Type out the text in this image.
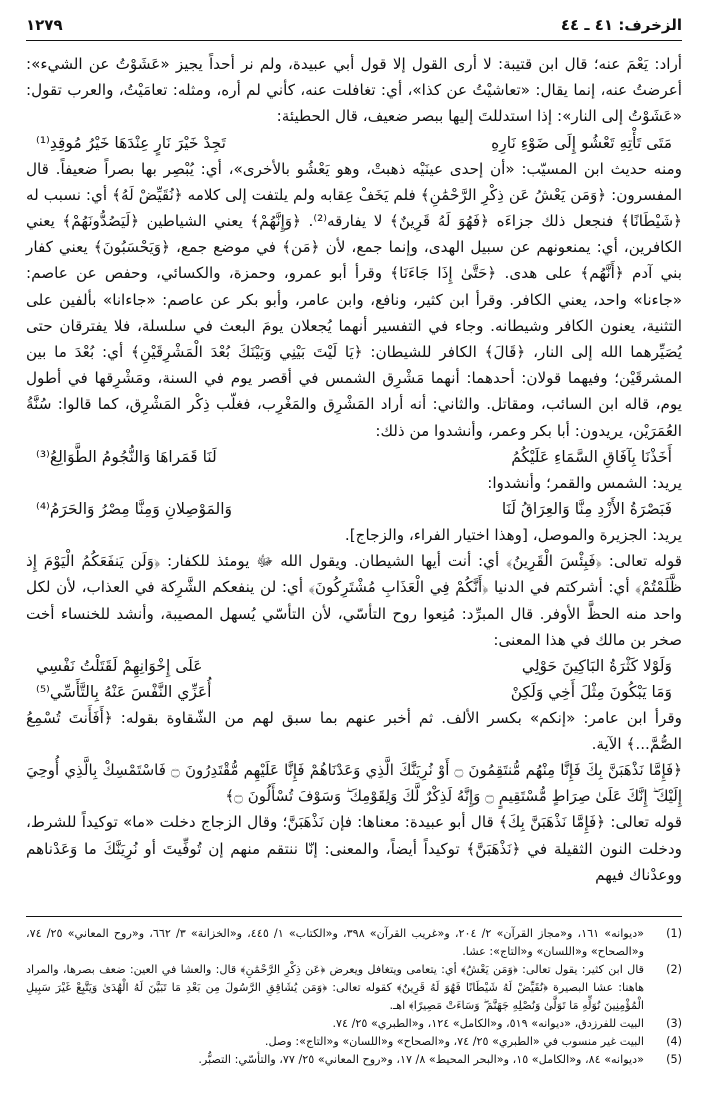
الزخرف: ٤١ ـ ٤٤
١٢٧٩

أراد: يَعْمَ عنه؛ قال ابن قتيبة: لا أرى القول إلا قول أبي عبيدة، ولم نر أحداً يجيز «عَشَوْتُ عن الشيء»: أعرضتُ عنه، إنما يقال: «تعاشيْتُ عن كذا»، أي: تغافلت عنه، كأني لم أره، ومثله: تعامَيْتُ، والعرب تقول: «عَشَوْتُ إلى النار»: إذا استدللتَ إليها ببصر ضعيف، قال الحطيئة:

مَتَى تَأْتِهِ تَعْشُو إِلَى ضَوْءِ نَارِهِ
تَجِدْ خَيْرَ نَارٍ عِنْدَهَا خَيْرُ مُوقِدِ⁽¹⁾

ومنه حديث ابن المسيّب: «أن إحدى عينَيْه ذهبتْ، وهو يَعْشُو بالأخرى»، أي: يُبْصِر بها بصراً ضعيفاً. قال المفسرون: ﴿وَمَن يَعْشُ عَن ذِكْرِ الرَّحْمَٰنِ﴾ فلم يَخَفْ عِقابه ولم يلتفت إلى كلامه ﴿نُقَيِّضْ لَهُ﴾ أي: نسبب له ﴿شَيْطَانًا﴾ فنجعل ذلك جزاءَه ﴿فَهُوَ لَهُ قَرِينٌ﴾ لا يفارقه⁽²⁾. ﴿وَإِنَّهُمْ﴾ يعني الشياطين ﴿لَيَصُدُّونَهُمْ﴾ يعني الكافرين، أي: يمنعونهم عن سبيل الهدى، وإنما جمع، لأن ﴿مَن﴾ في موضع جمع، ﴿وَيَحْسَبُونَ﴾ يعني كفار بني آدم ﴿أَنَّهُم﴾ على هدى. ﴿حَتَّىٰ إِذَا جَاءَنَا﴾ وقرأ أبو عمرو، وحمزة، والكسائي، وحفص عن عاصم: «جاءنا» واحد، يعني الكافر. وقرأ ابن كثير، ونافع، وابن عامر، وأبو بكر عن عاصم: «جاءانا» بألفين على التثنية، يعنون الكافر وشيطانه. وجاء في التفسير أنهما يُجعلان يومَ البعث في سلسلة، فلا يفترقان حتى يُصَيِّرهما الله إلى النار، ﴿قَالَ﴾ الكافر للشيطان: ﴿يَا لَيْتَ بَيْنِي وَبَيْنَكَ بُعْدَ الْمَشْرِقَيْنِ﴾ أي: بُعْدَ ما بين المشرقَيْن؛ وفيهما قولان: أحدهما: أنهما مَشْرِق الشمس في أقصر يوم في السنة، ومَشْرِقها في أطول يوم، قاله ابن السائب، ومقاتل. والثاني: أنه أراد المَشْرِق والمَغْرِب، فغلّب ذِكْر المَشْرِق، كما قالوا: سُنَّةُ العُمَرَيْن، يريدون: أبا بكر وعمر، وأنشدوا من ذلك:

أَخَذْنَا بِآفَاقِ السَّمَاءِ عَلَيْكُمُ
لَنَا قَمَراهَا وَالنُّجُومُ الطَّوَالِعُ⁽³⁾

يريد: الشمس والقمر؛ وأنشدوا:

فَبَصْرَةُ الأَزْدِ مِنَّا وَالعِرَاقُ لَنَا
وَالمَوْصِلانِ وَمِنَّا مِصْرُ وَالحَرَمُ⁽⁴⁾

يريد: الجزيرة والموصل، [وهذا اختيار الفراء، والزجاج].

قوله تعالى: ﴿فَبِئْسَ الْقَرِينُ﴾ أي: أنت أيها الشيطان. ويقول الله ﷻ يومئذ للكفار: ﴿وَلَن يَنفَعَكُمُ الْيَوْمَ إِذ ظَّلَمْتُمْ﴾ أي: أشركتم في الدنيا ﴿أَنَّكُمْ فِي الْعَذَابِ مُشْتَرِكُونَ﴾ أي: لن ينفعكم الشَّرِكة في العذاب، لأن لكل واحد منه الحظَّ الأوفر. قال المبرِّد: مُنِعوا روح التأسّي، لأن التأسّي يُسهل المصيبة، وأنشد للخنساء أخت صخر بن مالك في هذا المعنى:

وَلَوْلا كَثْرَةُ البَاكِينَ حَوْلِي
عَلَى إِخْوَانِهِمْ لَقَتَلْتُ نَفْسِي
وَمَا يَبْكُونَ مِثْلَ أَخِي وَلَكِنْ
أُعَزِّي النَّفْسَ عَنْهُ بِالتَّأَسِّي⁽⁵⁾

وقرأ ابن عامر: «إنكم» بكسر الألف. ثم أخبر عنهم بما سبق لهم من الشّقاوة بقوله: ﴿أَفَأَنتَ تُسْمِعُ الصُّمَّ...﴾ الآية.

﴿فَإِمَّا نَذْهَبَنَّ بِكَ فَإِنَّا مِنْهُم مُّنتَقِمُونَ ۝ أَوْ نُرِيَنَّكَ الَّذِي وَعَدْنَاهُمْ فَإِنَّا عَلَيْهِم مُّقْتَدِرُونَ ۝ فَاسْتَمْسِكْ بِالَّذِي أُوحِيَ إِلَيْكَ ۖ إِنَّكَ عَلَىٰ صِرَاطٍ مُّسْتَقِيمٍ ۝ وَإِنَّهُ لَذِكْرٌ لَّكَ وَلِقَوْمِكَ ۖ وَسَوْفَ تُسْأَلُونَ ۝﴾

قوله تعالى: ﴿فَإِمَّا نَذْهَبَنَّ بِكَ﴾ قال أبو عبيدة: معناها: فإن نَذْهَبَنَّ؛ وقال الزجاج دخلت «ما» توكيداً للشرط، ودخلت النون الثقيلة في ﴿نَذْهَبَنَّ﴾ توكيداً أيضاً، والمعنى: إنّا ننتقم منهم إن تُوفِّيتَ أو نُرِيَنَّكَ ما وَعَدْناهم ووعدْناك فيهم

(1)
«ديوانه» ١٦١، و«مجاز القرآن» ٢/ ٢٠٤، و«غريب القرآن» ٣٩٨، و«الكتاب» ١/ ٤٤٥، و«الخزانة» ٣/ ٦٦٢، و«روح المعاني» ٢٥/ ٧٤، و«الصحاح» و«اللسان» و«التاج»: عشا.
(2)
قال ابن كثير: يقول تعالى: ﴿وَمَن يَعْشُ﴾ أي: يتعامى ويتغافل ويعرض ﴿عَن ذِكْرِ الرَّحْمَٰنِ﴾ قال: والعشا في العين: ضعف بصرها، والمراد هاهنا: عشا البصيرة ﴿نُقَيِّضْ لَهُ شَيْطَانًا فَهُوَ لَهُ قَرِينٌ﴾ كقوله تعالى: ﴿وَمَن يُشَاقِقِ الرَّسُولَ مِن بَعْدِ مَا تَبَيَّنَ لَهُ الْهُدَىٰ وَيَتَّبِعْ غَيْرَ سَبِيلِ الْمُؤْمِنِينَ نُوَلِّهِ مَا تَوَلَّىٰ وَنُصْلِهِ جَهَنَّمَ ۖ وَسَاءَتْ مَصِيرًا﴾ اهـ.
(3)
البيت للفرزدق، «ديوانه» ٥١٩، و«الكامل» ١٢٤، و«الطبري» ٢٥/ ٧٤.
(4)
البيت غير منسوب في «الطبري» ٢٥/ ٧٤، و«الصحاح» و«اللسان» و«التاج»: وصل.
(5)
«ديوانه» ٨٤، و«الكامل» ١٥، و«البحر المحيط» ٨/ ١٧، و«روح المعاني» ٢٥/ ٧٧، والتأسّي: التصبُّر.
